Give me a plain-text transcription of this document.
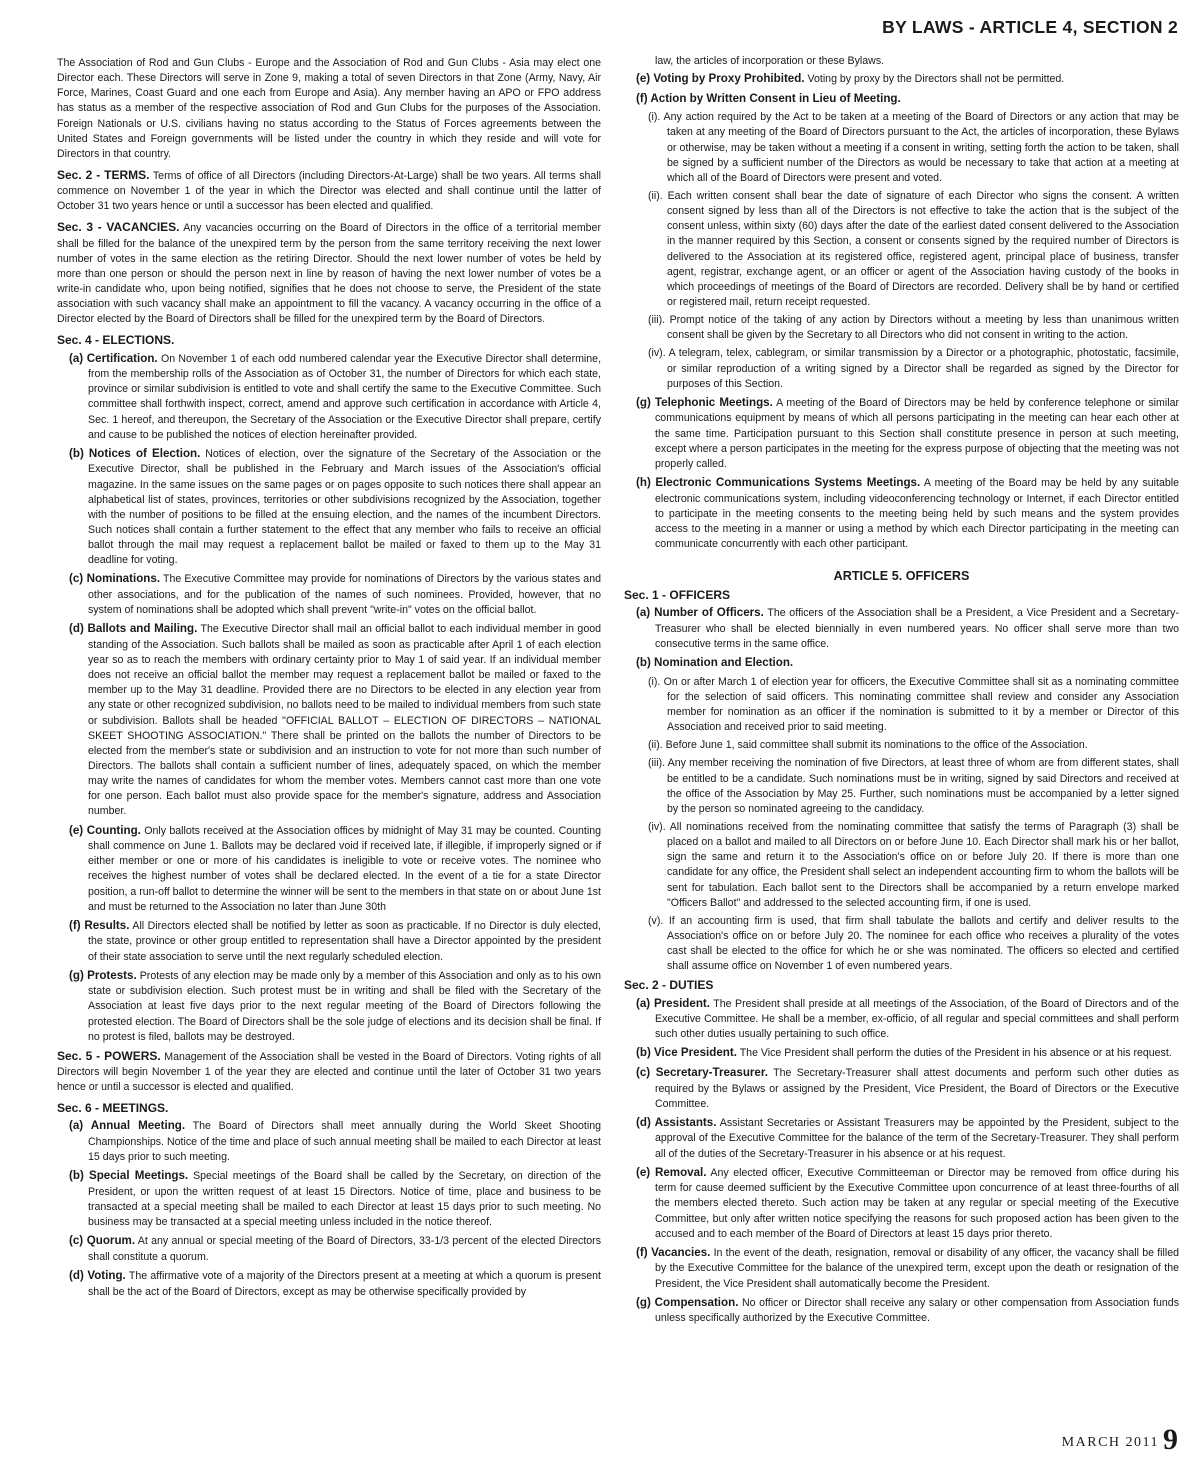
BY LAWS - ARTICLE 4, SECTION 2

The Association of Rod and Gun Clubs - Europe and the Association of Rod and Gun Clubs - Asia may elect one Director each. These Directors will serve in Zone 9, making a total of seven Directors in that Zone (Army, Navy, Air Force, Marines, Coast Guard and one each from Europe and Asia). Any member having an APO or FPO address has status as a member of the respective association of Rod and Gun Clubs for the purposes of the Association. Foreign Nationals or U.S. civilians having no status according to the Status of Forces agreements between the United States and Foreign governments will be listed under the country in which they reside and will vote for Directors in that country.

Sec. 2 - TERMS. Terms of office of all Directors (including Directors-At-Large) shall be two years. All terms shall commence on November 1 of the year in which the Director was elected and shall continue until the latter of October 31 two years hence or until a successor has been elected and qualified.

Sec. 3 - VACANCIES. Any vacancies occurring on the Board of Directors in the office of a territorial member shall be filled for the balance of the unexpired term by the person from the same territory receiving the next lower number of votes in the same election as the retiring Director. Should the next lower number of votes be held by more than one person or should the person next in line by reason of having the next lower number of votes be a write-in candidate who, upon being notified, signifies that he does not choose to serve, the President of the state association with such vacancy shall make an appointment to fill the vacancy. A vacancy occurring in the office of a Director elected by the Board of Directors shall be filled for the unexpired term by the Board of Directors.

Sec. 4 - ELECTIONS.

(a) Certification. On November 1 of each odd numbered calendar year the Executive Director shall determine, from the membership rolls of the Association as of October 31, the number of Directors for which each state, province or similar subdivision is entitled to vote and shall certify the same to the Executive Committee. Such committee shall forthwith inspect, correct, amend and approve such certification in accordance with Article 4, Sec. 1 hereof, and thereupon, the Secretary of the Association or the Executive Director shall prepare, certify and cause to be published the notices of election hereinafter provided.

(b) Notices of Election. Notices of election, over the signature of the Secretary of the Association or the Executive Director, shall be published in the February and March issues of the Association's official magazine. In the same issues on the same pages or on pages opposite to such notices there shall appear an alphabetical list of states, provinces, territories or other subdivisions recognized by the Association, together with the number of positions to be filled at the ensuing election, and the names of the incumbent Directors. Such notices shall contain a further statement to the effect that any member who fails to receive an official ballot through the mail may request a replacement ballot be mailed or faxed to them up to the May 31 deadline for voting.

(c) Nominations. The Executive Committee may provide for nominations of Directors by the various states and other associations, and for the publication of the names of such nominees. Provided, however, that no system of nominations shall be adopted which shall prevent "write-in" votes on the official ballot.

(d) Ballots and Mailing. The Executive Director shall mail an official ballot to each individual member in good standing of the Association. Such ballots shall be mailed as soon as practicable after April 1 of each election year so as to reach the members with ordinary certainty prior to May 1 of said year. If an individual member does not receive an official ballot the member may request a replacement ballot be mailed or faxed to the member up to the May 31 deadline. Provided there are no Directors to be elected in any election year from any state or other recognized subdivision, no ballots need to be mailed to individual members from such state or subdivision. Ballots shall be headed "OFFICIAL BALLOT – ELECTION OF DIRECTORS – NATIONAL SKEET SHOOTING ASSOCIATION." There shall be printed on the ballots the number of Directors to be elected from the member's state or subdivision and an instruction to vote for not more than such number of Directors. The ballots shall contain a sufficient number of lines, adequately spaced, on which the member may write the names of candidates for whom the member votes. Members cannot cast more than one vote for one person. Each ballot must also provide space for the member's signature, address and Association number.

(e) Counting. Only ballots received at the Association offices by midnight of May 31 may be counted. Counting shall commence on June 1. Ballots may be declared void if received late, if illegible, if improperly signed or if either member or one or more of his candidates is ineligible to vote or receive votes. The nominee who receives the highest number of votes shall be declared elected. In the event of a tie for a state Director position, a run-off ballot to determine the winner will be sent to the members in that state on or about June 1st and must be returned to the Association no later than June 30th

(f) Results. All Directors elected shall be notified by letter as soon as practicable. If no Director is duly elected, the state, province or other group entitled to representation shall have a Director appointed by the president of their state association to serve until the next regularly scheduled election.

(g) Protests. Protests of any election may be made only by a member of this Association and only as to his own state or subdivision election. Such protest must be in writing and shall be filed with the Secretary of the Association at least five days prior to the next regular meeting of the Board of Directors following the protested election. The Board of Directors shall be the sole judge of elections and its decision shall be final. If no protest is filed, ballots may be destroyed.

Sec. 5 - POWERS. Management of the Association shall be vested in the Board of Directors. Voting rights of all Directors will begin November 1 of the year they are elected and continue until the later of October 31 two years hence or until a successor is elected and qualified.

Sec. 6 - MEETINGS.

(a) Annual Meeting. The Board of Directors shall meet annually during the World Skeet Shooting Championships. Notice of the time and place of such annual meeting shall be mailed to each Director at least 15 days prior to such meeting.

(b) Special Meetings. Special meetings of the Board shall be called by the Secretary, on direction of the President, or upon the written request of at least 15 Directors. Notice of time, place and business to be transacted at a special meeting shall be mailed to each Director at least 15 days prior to such meeting. No business may be transacted at a special meeting unless included in the notice thereof.

(c) Quorum. At any annual or special meeting of the Board of Directors, 33-1/3 percent of the elected Directors shall constitute a quorum.

(d) Voting. The affirmative vote of a majority of the Directors present at a meeting at which a quorum is present shall be the act of the Board of Directors, except as may be otherwise specifically provided by

law, the articles of incorporation or these Bylaws.

(e) Voting by Proxy Prohibited. Voting by proxy by the Directors shall not be permitted.

(f) Action by Written Consent in Lieu of Meeting.

(i). Any action required by the Act to be taken at a meeting of the Board of Directors or any action that may be taken at any meeting of the Board of Directors pursuant to the Act, the articles of incorporation, these Bylaws or otherwise, may be taken without a meeting if a consent in writing, setting forth the action to be taken, shall be signed by a sufficient number of the Directors as would be necessary to take that action at a meeting at which all of the Board of Directors were present and voted.

(ii). Each written consent shall bear the date of signature of each Director who signs the consent. A written consent signed by less than all of the Directors is not effective to take the action that is the subject of the consent unless, within sixty (60) days after the date of the earliest dated consent delivered to the Association in the manner required by this Section, a consent or consents signed by the required number of Directors is delivered to the Association at its registered office, registered agent, principal place of business, transfer agent, registrar, exchange agent, or an officer or agent of the Association having custody of the books in which proceedings of meetings of the Board of Directors are recorded. Delivery shall be by hand or certified or registered mail, return receipt requested.

(iii). Prompt notice of the taking of any action by Directors without a meeting by less than unanimous written consent shall be given by the Secretary to all Directors who did not consent in writing to the action.

(iv). A telegram, telex, cablegram, or similar transmission by a Director or a photographic, photostatic, facsimile, or similar reproduction of a writing signed by a Director shall be regarded as signed by the Director for purposes of this Section.

(g) Telephonic Meetings. A meeting of the Board of Directors may be held by conference telephone or similar communications equipment by means of which all persons participating in the meeting can hear each other at the same time. Participation pursuant to this Section shall constitute presence in person at such meeting, except where a person participates in the meeting for the express purpose of objecting that the meeting was not properly called.

(h) Electronic Communications Systems Meetings. A meeting of the Board may be held by any suitable electronic communications system, including videoconferencing technology or Internet, if each Director entitled to participate in the meeting consents to the meeting being held by such means and the system provides access to the meeting in a manner or using a method by which each Director participating in the meeting can communicate concurrently with each other participant.

ARTICLE 5. OFFICERS
Sec. 1 - OFFICERS

(a) Number of Officers. The officers of the Association shall be a President, a Vice President and a Secretary-Treasurer who shall be elected biennially in even numbered years. No officer shall serve more than two consecutive terms in the same office.

(b) Nomination and Election.

(i). On or after March 1 of election year for officers, the Executive Committee shall sit as a nominating committee for the selection of said officers. This nominating committee shall review and consider any Association member for nomination as an officer if the nomination is submitted to it by a member or Director of this Association and received prior to said meeting.

(ii). Before June 1, said committee shall submit its nominations to the office of the Association.

(iii). Any member receiving the nomination of five Directors, at least three of whom are from different states, shall be entitled to be a candidate. Such nominations must be in writing, signed by said Directors and received at the office of the Association by May 25. Further, such nominations must be accompanied by a letter signed by the person so nominated agreeing to the candidacy.

(iv). All nominations received from the nominating committee that satisfy the terms of Paragraph (3) shall be placed on a ballot and mailed to all Directors on or before June 10. Each Director shall mark his or her ballot, sign the same and return it to the Association's office on or before July 20. If there is more than one candidate for any office, the President shall select an independent accounting firm to whom the ballots will be sent for tabulation. Each ballot sent to the Directors shall be accompanied by a return envelope marked "Officers Ballot" and addressed to the selected accounting firm, if one is used.

(v). If an accounting firm is used, that firm shall tabulate the ballots and certify and deliver results to the Association's office on or before July 20. The nominee for each office who receives a plurality of the votes cast shall be elected to the office for which he or she was nominated. The officers so elected and certified shall assume office on November 1 of even numbered years.

Sec. 2 - DUTIES

(a) President. The President shall preside at all meetings of the Association, of the Board of Directors and of the Executive Committee. He shall be a member, ex-officio, of all regular and special committees and shall perform such other duties usually pertaining to such office.

(b) Vice President. The Vice President shall perform the duties of the President in his absence or at his request.

(c) Secretary-Treasurer. The Secretary-Treasurer shall attest documents and perform such other duties as required by the Bylaws or assigned by the President, Vice President, the Board of Directors or the Executive Committee.

(d) Assistants. Assistant Secretaries or Assistant Treasurers may be appointed by the President, subject to the approval of the Executive Committee for the balance of the term of the Secretary-Treasurer. They shall perform all of the duties of the Secretary-Treasurer in his absence or at his request.

(e) Removal. Any elected officer, Executive Committeeman or Director may be removed from office during his term for cause deemed sufficient by the Executive Committee upon concurrence of at least three-fourths of all the members elected thereto. Such action may be taken at any regular or special meeting of the Executive Committee, but only after written notice specifying the reasons for such proposed action has been given to the accused and to each member of the Board of Directors at least 15 days prior thereto.

(f) Vacancies. In the event of the death, resignation, removal or disability of any officer, the vacancy shall be filled by the Executive Committee for the balance of the unexpired term, except upon the death or resignation of the President, the Vice President shall automatically become the President.

(g) Compensation. No officer or Director shall receive any salary or other compensation from Association funds unless specifically authorized by the Executive Committee.

MARCH 2011 9
